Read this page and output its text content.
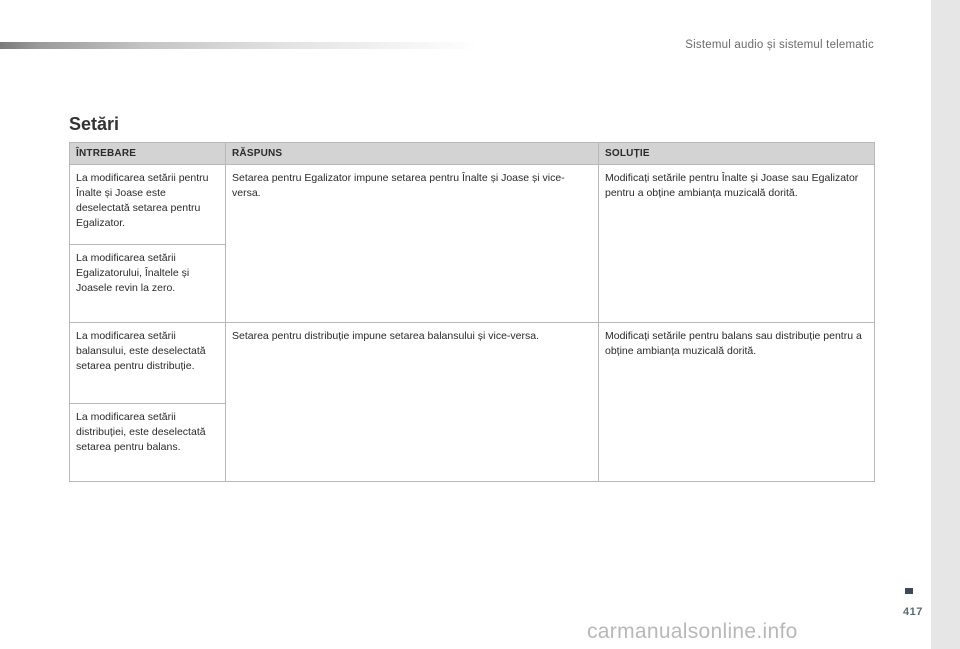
Sistemul audio și sistemul telematic
Setări
ÎNTREBARE	RĂSPUNS	SOLUȚIE
La modificarea setării pentru Înalte și Joase este deselectată setarea pentru Egalizator.	Setarea pentru Egalizator impune setarea pentru Înalte și Joase și vice-versa.	Modificați setările pentru Înalte și Joase sau Egalizator pentru a obține ambianța muzicală dorită.
La modificarea setării Egalizatorului, Înaltele și Joasele revin la zero.		
La modificarea setării balansului, este deselectată setarea pentru distribuție.	Setarea pentru distribuție impune setarea balansului și vice-versa.	Modificați setările pentru balans sau distribuție pentru a obține ambianța muzicală dorită.
La modificarea setării distribuției, este deselectată setarea pentru balans.		
417
carmanualsonline.info
